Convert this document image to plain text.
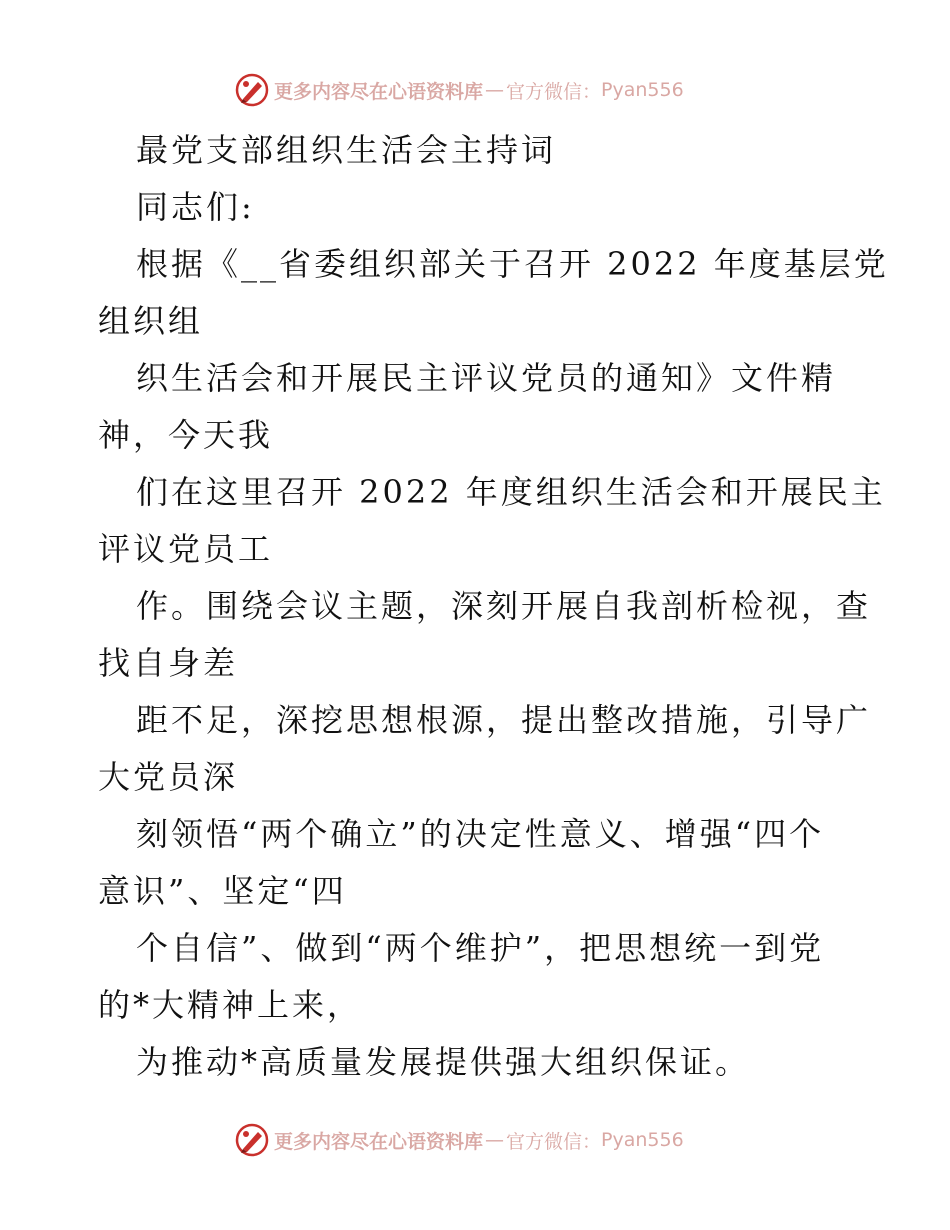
更多内容尽在心语资料库 — 官方微信： Pyan556
最党支部组织生活会主持词
同志们:
根据《__省委组织部关于召开 2022 年度基层党
组织组
织生活会和开展民主评议党员的通知》文件精
神，今天我
们在这里召开 2022 年度组织生活会和开展民主
评议党员工
作。围绕会议主题，深刻开展自我剖析检视，查
找自身差
距不足，深挖思想根源，提出整改措施，引导广
大党员深
刻领悟“两个确立”的决定性意义、增强“四个
意识”、坚定“四
个自信”、做到“两个维护”，把思想统一到党
的*大精神上来，
为推动*高质量发展提供强大组织保证。
更多内容尽在心语资料库 — 官方微信： Pyan556
